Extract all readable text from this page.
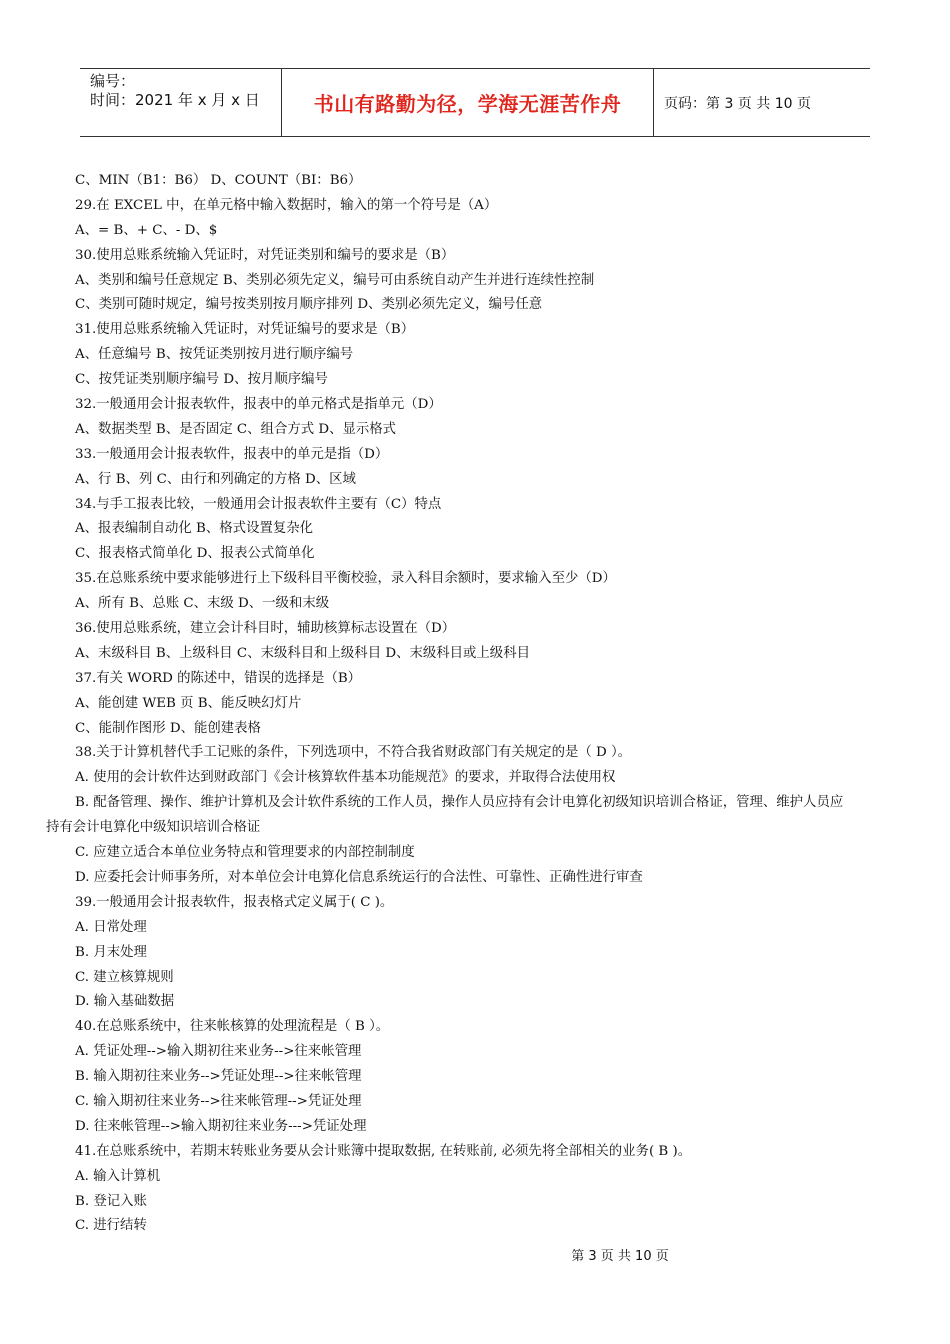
编号：
时间：2021 年 x 月 x 日	书山有路勤为径，学海无涯苦作舟	页码：第 3 页 共 10 页
C、MIN（B1：B6） D、COUNT（BI：B6）
29.在 EXCEL 中，在单元格中输入数据时，输入的第一个符号是（A）
A、= B、+ C、- D、$
30.使用总账系统输入凭证时，对凭证类别和编号的要求是（B）
A、类别和编号任意规定 B、类别必须先定义，编号可由系统自动产生并进行连续性控制
C、类别可随时规定，编号按类别按月顺序排列 D、类别必须先定义，编号任意
31.使用总账系统输入凭证时，对凭证编号的要求是（B）
A、任意编号 B、按凭证类别按月进行顺序编号
C、按凭证类别顺序编号 D、按月顺序编号
32.一般通用会计报表软件，报表中的单元格式是指单元（D）
A、数据类型 B、是否固定 C、组合方式 D、显示格式
33.一般通用会计报表软件，报表中的单元是指（D）
A、行 B、列 C、由行和列确定的方格 D、区域
34.与手工报表比较，一般通用会计报表软件主要有（C）特点
A、报表编制自动化 B、格式设置复杂化
C、报表格式简单化 D、报表公式简单化
35.在总账系统中要求能够进行上下级科目平衡校验，录入科目余额时，要求输入至少（D）
A、所有 B、总账 C、末级 D、一级和末级
36.使用总账系统，建立会计科目时，辅助核算标志设置在（D）
A、末级科目 B、上级科目 C、末级科目和上级科目 D、末级科目或上级科目
37.有关 WORD 的陈述中，错误的选择是（B）
A、能创建 WEB 页 B、能反映幻灯片
C、能制作图形 D、能创建表格
38.关于计算机替代手工记账的条件，下列选项中，不符合我省财政部门有关规定的是（ D ）。
A. 使用的会计软件达到财政部门《会计核算软件基本功能规范》的要求，并取得合法使用权
B. 配备管理、操作、维护计算机及会计软件系统的工作人员，操作人员应持有会计电算化初级知识培训合格证，管理、维护人员应
持有会计电算化中级知识培训合格证
C. 应建立适合本单位业务特点和管理要求的内部控制制度
D. 应委托会计师事务所，对本单位会计电算化信息系统运行的合法性、可靠性、正确性进行审查
39.一般通用会计报表软件，报表格式定义属于( C )。
A. 日常处理
B. 月末处理
C. 建立核算规则
D. 输入基础数据
40.在总账系统中，往来帐核算的处理流程是（ B ）。
A. 凭证处理-->输入期初往来业务-->往来帐管理
B. 输入期初往来业务-->凭证处理-->往来帐管理
C. 输入期初往来业务-->往来帐管理-->凭证处理
D. 往来帐管理-->输入期初往来业务--->凭证处理
41.在总账系统中，若期末转账业务要从会计账簿中提取数据, 在转账前, 必须先将全部相关的业务( B )。
A. 输入计算机
B. 登记入账
C. 进行结转
第 3 页 共 10 页
